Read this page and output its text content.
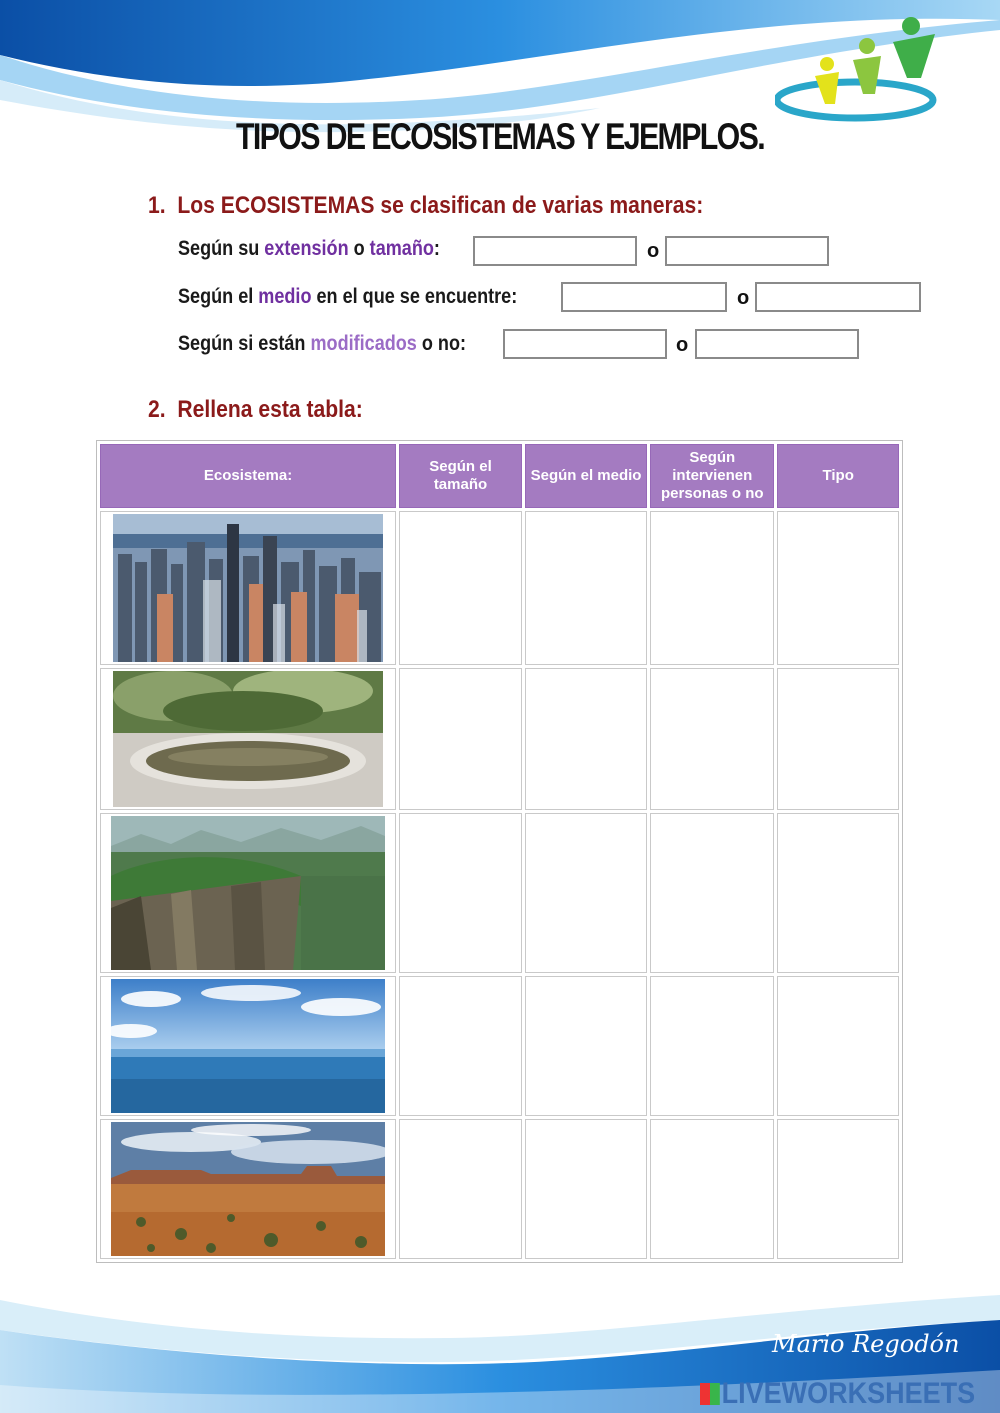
TIPOS DE ECOSISTEMAS Y EJEMPLOS.
1. Los ECOSISTEMAS se clasifican de varias maneras:
Según su extensión o tamaño:	o
Según el medio en el que se encuentre:	o
Según si están modificados o no:	o
2. Rellena esta tabla:
Ecosistema:	Según el tamaño	Según el medio	Según intervienen personas o no	Tipo

Mario Regodón
LIVEWORKSHEETS
